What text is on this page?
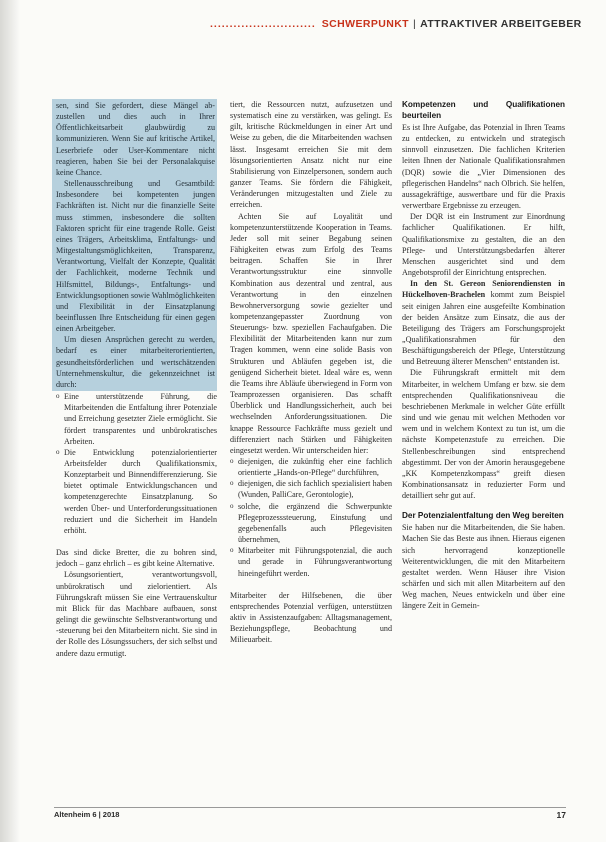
........................... SCHWERPUNKT | ATTRAKTIVER ARBEITGEBER

sen, sind Sie gefordert, diese Mängel ab-zustellen und dies auch in Ihrer Öffentlichkeitsarbeit glaubwürdig zu kommunizieren. Wenn Sie auf kritische Artikel, Leserbriefe oder User-Kommentare nicht reagieren, haben Sie bei der Personalakquise keine Chance.

Stellenausschreibung und Gesamtbild: Insbesondere bei kompetenten jungen Fachkräften ist. Nicht nur die finanzielle Seite muss stimmen, insbesondere die sollten Faktoren spricht für eine tragende Rolle. Geist eines Trägers, Arbeitsklima, Entfaltungs- und Mitgestaltungsmöglichkeiten, Transparenz, Verantwortung, Vielfalt der Konzepte, Qualität der Fachlichkeit, moderne Technik und Hilfsmittel, Bildungs-, Entfaltungs- und Entwicklungsoptionen sowie Wahlmöglichkeiten und Flexibilität in der Einsatzplanung beeinflussen Ihre Entscheidung für einen gegen einen Arbeitgeber.

Um diesen Ansprüchen gerecht zu werden, bedarf es einer mitarbeiterorientierten, gesundheitsförderlichen und wertschätzenden Unternehmenskultur, die gekennzeichnet ist durch:

o Eine unterstützende Führung, die Mitarbeitenden die Entfaltung ihrer Potenziale und Erreichung gesetzter Ziele ermöglicht. Sie fördert transparentes und unbürokratisches Arbeiten.
o Die Entwicklung potenzialorientierter Arbeitsfelder durch Qualifikationsmix, Konzeptarbeit und Binnendifferenzierung. Sie bietet optimale Entwicklungschancen und kompetenzgerechte Einsatzplanung. So werden Über- und Unterforderungssituationen reduziert und die Sicherheit im Handeln erhöht.

Das sind dicke Bretter, die zu bohren sind, jedoch – ganz ehrlich – es gibt keine Alternative.

Lösungsorientiert, verantwortungsvoll, unbürokratisch und zielorientiert. Als Führungskraft müssen Sie eine Vertrauenskultur mit Blick für das Machbare aufbauen, sonst gelingt die gewünschte Selbstverantwortung und -steuerung bei den Mitarbeitern nicht. Sie sind in der Rolle des Lösungssuchers, der sich selbst und andere dazu ermutigt.

tiert, die Ressourcen nutzt, aufzusetzen und systematisch eine zu verstärken, was gelingt. Es gilt, kritische Rückmeldungen in einer Art und Weise zu geben, die die Mitarbeitenden wachsen lässt. Insgesamt erreichen Sie mit dem lösungsorientierten Ansatz nicht nur eine Stabilisierung von Einzelpersonen, sondern auch ganzer Teams. Sie fördern die Fähigkeit, Veränderungen mitzugestalten und Ziele zu erreichen.

Achten Sie auf Loyalität und kompetenzunterstützende Kooperation in Teams. Jeder soll mit seiner Begabung seinen Fähigkeiten etwas zum Erfolg des Teams beitragen. Schaffen Sie in Ihrer Verantwortungsstruktur eine sinnvolle Kombination aus dezentral und zentral, aus Verantwortung in den einzelnen Bewohnerversorgung sowie gezielter und kompetenzangepasster Zuordnung von Steuerungs- bzw. speziellen Fachaufgaben. Die Flexibilität der Mitarbeitenden kann nur zum Tragen kommen, wenn eine solide Basis von Strukturen und Abläufen gegeben ist, die genügend Sicherheit bietet. Ideal wäre es, wenn die Teams ihre Abläufe überwiegend in Form von Teamprozessen organisieren. Das schafft Überblick und Handlungssicherheit, auch bei wechselnden Anforderungssituationen. Die knappe Ressource Fachkräfte muss gezielt und differenziert nach Stärken und Fähigkeiten eingesetzt werden. Wir unterscheiden hier:

o diejenigen, die zukünftig eher eine fachlich orientierte „Hands-on-Pflege“ durchführen,
o diejenigen, die sich fachlich spezialisiert haben (Wunden, PalliCare, Gerontologie),
o solche, die ergänzend die Schwerpunkte Pflegeprozesssteuerung, Einstufung und gegebenenfalls auch Pflegevisiten übernehmen,
o Mitarbeiter mit Führungspotenzial, die auch und gerade in Führungsverantwortung hineingeführt werden.

Mitarbeiter der Hilfsebenen, die über entsprechendes Potenzial verfügen, unterstützen aktiv in Assistenzaufgaben: Alltagsmanagement, Beziehungspflege, Beobachtung und Milieuarbeit.

Kompetenzen und Qualifikationen beurteilen

Es ist Ihre Aufgabe, das Potenzial in Ihren Teams zu entdecken, zu entwickeln und strategisch sinnvoll einzusetzen. Die fachlichen Kriterien leiten Ihnen der Nationale Qualifikationsrahmen (DQR) sowie die „Vier Dimensionen des pflegerischen Handelns“ nach Olbrich. Sie helfen, aussagekräftige, auswertbare und für die Praxis verwertbare Ergebnisse zu erzeugen.

Der DQR ist ein Instrument zur Einordnung fachlicher Qualifikationen. Er hilft, Qualifikationsmixe zu gestalten, die an den Pflege- und Unterstützungsbedarfen älterer Menschen ausgerichtet sind und dem Angebotsprofil der Einrichtung entsprechen.

In den St. Gereon Seniorendiensten in Hückelhoven-Brachelen kommt zum Beispiel seit einigen Jahren eine ausgefeilte Kombination der beiden Ansätze zum Einsatz, die aus der Beteiligung des Trägers am Forschungsprojekt „Qualifikationsrahmen für den Beschäftigungsbereich der Pflege, Unterstützung und Betreuung älterer Menschen“ entstanden ist.

Die Führungskraft ermittelt mit dem Mitarbeiter, in welchem Umfang er bzw. sie dem entsprechenden Qualifikationsniveau die beschriebenen Merkmale in welcher Güte erfüllt sind und wie genau mit welchen Methoden vor wem und in welchem Kontext zu tun ist, um die nächste Kompetenzstufe zu erreichen. Die Stellenbeschreibungen sind entsprechend abgestimmt. Der von der Amorin herausgegebene „KK Kompetenzkompass“ greift diesen Kombinationsansatz in reduzierter Form und detailliert sehr gut auf.

Der Potenzialentfaltung den Weg bereiten

Sie haben nur die Mitarbeitenden, die Sie haben. Machen Sie das Beste aus ihnen. Hieraus eigenen sich hervorragend konzeptionelle Weiterentwicklungen, die mit den Mitarbeitern gestaltet werden. Wenn Häuser ihre Vision schärfen und sich mit allen Mitarbeitern auf den Weg machen, Neues entwickeln und über eine längere Zeit in Gemein-

Altenheim 6 | 2018	17
